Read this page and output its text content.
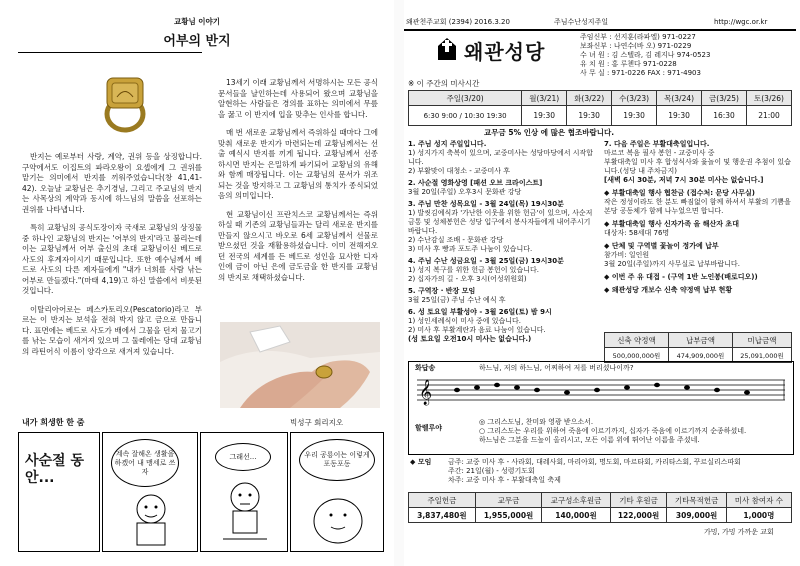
교황님 이야기
어부의 반지

반지는 예로부터 사랑, 계약, 권위 등을 상징합니다. 구약에서도 이집트의 파라오왕이 요셉에게 그 권위를 맡기는 의미에서 반지를 끼워주었습니다(창 41,41-42). 오늘날 교황님은 추기경님, 그리고 주교님의 반지는 사목상의 계약과 동시에 하느님의 말씀을 선포하는 권위를 나타냅니다.

특히 교황님의 공식도장이자 국새로 교황님의 상징물 중 하나인 교황님의 반지는 '어부의 반지'라고 불리는데 이는 교황님께서 어부 출신의 초대 교황님이신 베드로 사도의 후계자이시기 때문입니다. 또한 예수님께서 베드로 사도의 다른 제자들에게 "내가 너희를 사람 낚는 어부로 만들겠다."(마태 4,19)고 하신 말씀에서 비롯된 것입니다.

이탈리아어로는 페스카토리오(Pescatorio)라고 부르는 이 반지는 보석을 전혀 박지 않고 금으로 만듭니다. 표면에는 베드로 사도가 배에서 그물을 던져 물고기를 낚는 모습이 새겨져 있으며 그 둘레에는 당대 교황님의 라틴어식 이름이 양각으로 새겨져 있습니다.

13세기 이래 교황님께서 서명하시는 모든 공식문서들을 날인하는데 사용되어 왔으며 교황님을 알현하는 사람들은 경의를 표하는 의미에서 무릎을 꿇고 이 반지에 입을 맞추는 인사를 합니다.

매 번 새로운 교황님께서 즉위하실 때마다 그에 맞춰 새로운 반지가 마련되는데 교황님께서는 선출 예식시 반지를 끼게 됩니다. 교황님께서 선종하시면 반지는 은밀하게 파기되어 교황님의 유해와 함께 매장됩니다. 이는 교황님의 문서가 위조되는 것을 방지하고 그 교황님의 통치가 종식되었음의 의미입니다.

현 교황님이신 프란치스코 교황님께서는 즉위하실 때 기존의 교황님들과는 달리 새로운 반지를 만들지 않으시고 바오로 6세 교황님께서 선물로 받으셨던 것을 재활용하셨습니다. 이미 전해져오던 전국의 세계를 든 베드로 성인을 묘사한 디자인에 금이 아닌 은에 금도금을 한 반지를 교황님의 반지로 채택하셨습니다.

내가 희생한 한 줌	빅성구 회리지오
사순절 동안...
계속 잘해온 생활을 하겠어 내 맹세로 쓰자
그래선...	우리 공룡이는 이렇게 포동포동
왜관천주교회 (2394) 2016.3.20	주님수난성지주일	http://wgc.or.kr
왜관성당
주임신부 : 선지훈(라파엘) 971-0227
보좌신부 : 나연수(바 오) 971-0229
수 녀 원 : 김 스텔라, 김 레지나 974-0523
유 치 원 : 홍 루첸다 971-0228
사 무 실 : 971-0226 FAX : 971-4903
※ 이 주간의 미사시간
주일(3/20)	월(3/21)	화(3/22)	수(3/23)	목(3/24)	금(3/25)	토(3/26)
6:30 9:00 / 10:30 19:30	19:30	19:30	19:30	19:30	16:30	21:00
교무금 5% 인상 에 많은 협조바랍니다.
1. 주님 성지 주일입니다.
1) 성지가지 축복이 있으며, 교중미사는 성당마당에서 시작합니다.
2) 부활맞이 대청소 - 교중미사 후
2. 사순절 영화상영 [패션 오브 크라이스트]
3월 20일(주일) 오후3시 문화관 강당
3. 주님 만찬 성목요일 - 3월 24일(목) 19시30분
1) 발씻김예식과 '가난한 이웃을 위한 헌금'이 있으며, 사순저금통 및 성체봉헌은 성당 입구에서 봉사자들에게 내어주시기 바랍니다.
2) 수난감실 조배 - 문화관 강당
3) 미사 후 빵과 포도주 나눔이 있습니다.
4. 주님 수난 성금요일 - 3월 25일(금) 19시30분
1) 성지 복구를 위한 헌금 봉헌이 있습니다.
2) 십자가의 길 - 오후 3시(어성위원회)
5. 구역장 · 반장 모임
3월 25일(금) 주님 수난 예식 후
6. 성 토요일 부활성야 - 3월 26일(토) 밤 9시
1) 성인세례식이 미사 중에 있습니다.
2) 미사 후 부활계란과 음료 나눔이 있습니다.
(성 토요일 오전10시 미사는 없습니다.)
7. 다음 주일은 부활대축일입니다.
마르코 복음 필사 봉헌 - 교중미사 중
부활대축일 미사 후 합성식사와 윷놀이 및 행운권 추첨이 있습니다.(성당 내 주차금지)
[새벽 6시 30분, 저녁 7시 30분 미사는 없습니다.]
◆ 부활대축일 행사 협찬금 (접수처: 문당 사무실)
작은 정성이라도 한 분도 빠짐없이 함께 하셔서 부활의 기쁨을 본당 공동체가 함께 나누었으면 합니다.
◆ 부활대축일 행사 신자가족 올 해산자 초대
대상자: 58세대 76명
◆ 단체 및 구역별 꽃놀이 정가예 납부
참가비: 일인원
3월 20일(주일)까지 사무실로 납부바랍니다.
◆ 이번 주 유 대접 - (구역 1반 노인봉(배로디오))
◆ 왜관성당 개보수 신축 약정액 납부 현황
신축 약정액	납부금액	미납금액
500,000,000원	474,909,000원	25,091,000원
화답송	하느님, 저의 하느님, 어찌하여 저를 버리셨나이까?
𝄞
할렐루야
◎ 그리스도님, 찬미와 영광 받으소서.
○ 그리스도는 우리를 위하여 죽음에 이르기까지, 십자가 죽음에 이르기까지 순종하셨네.
하느님은 그분을 드높이 올리시고, 모든 이름 위에 뛰어난 이름을 주셨네.
◆ 모임 금주: 교중 미사 후 - 사라회, 대레사회, 마리아회, 명도회, 마르타회, 카리타스회, 꾸르실리스따회
주간: 21일(월) - 성령기도회
차주: 교중 미사 후 - 부활대축일 축제
주일헌금	교무금	교구성소후원금	기타 후원금	기타목적헌금	미사 참여자 수
3,837,480원	1,955,000원	140,000원	122,000원	309,000원	1,000명
가밍, 가밍 가까운 교회
